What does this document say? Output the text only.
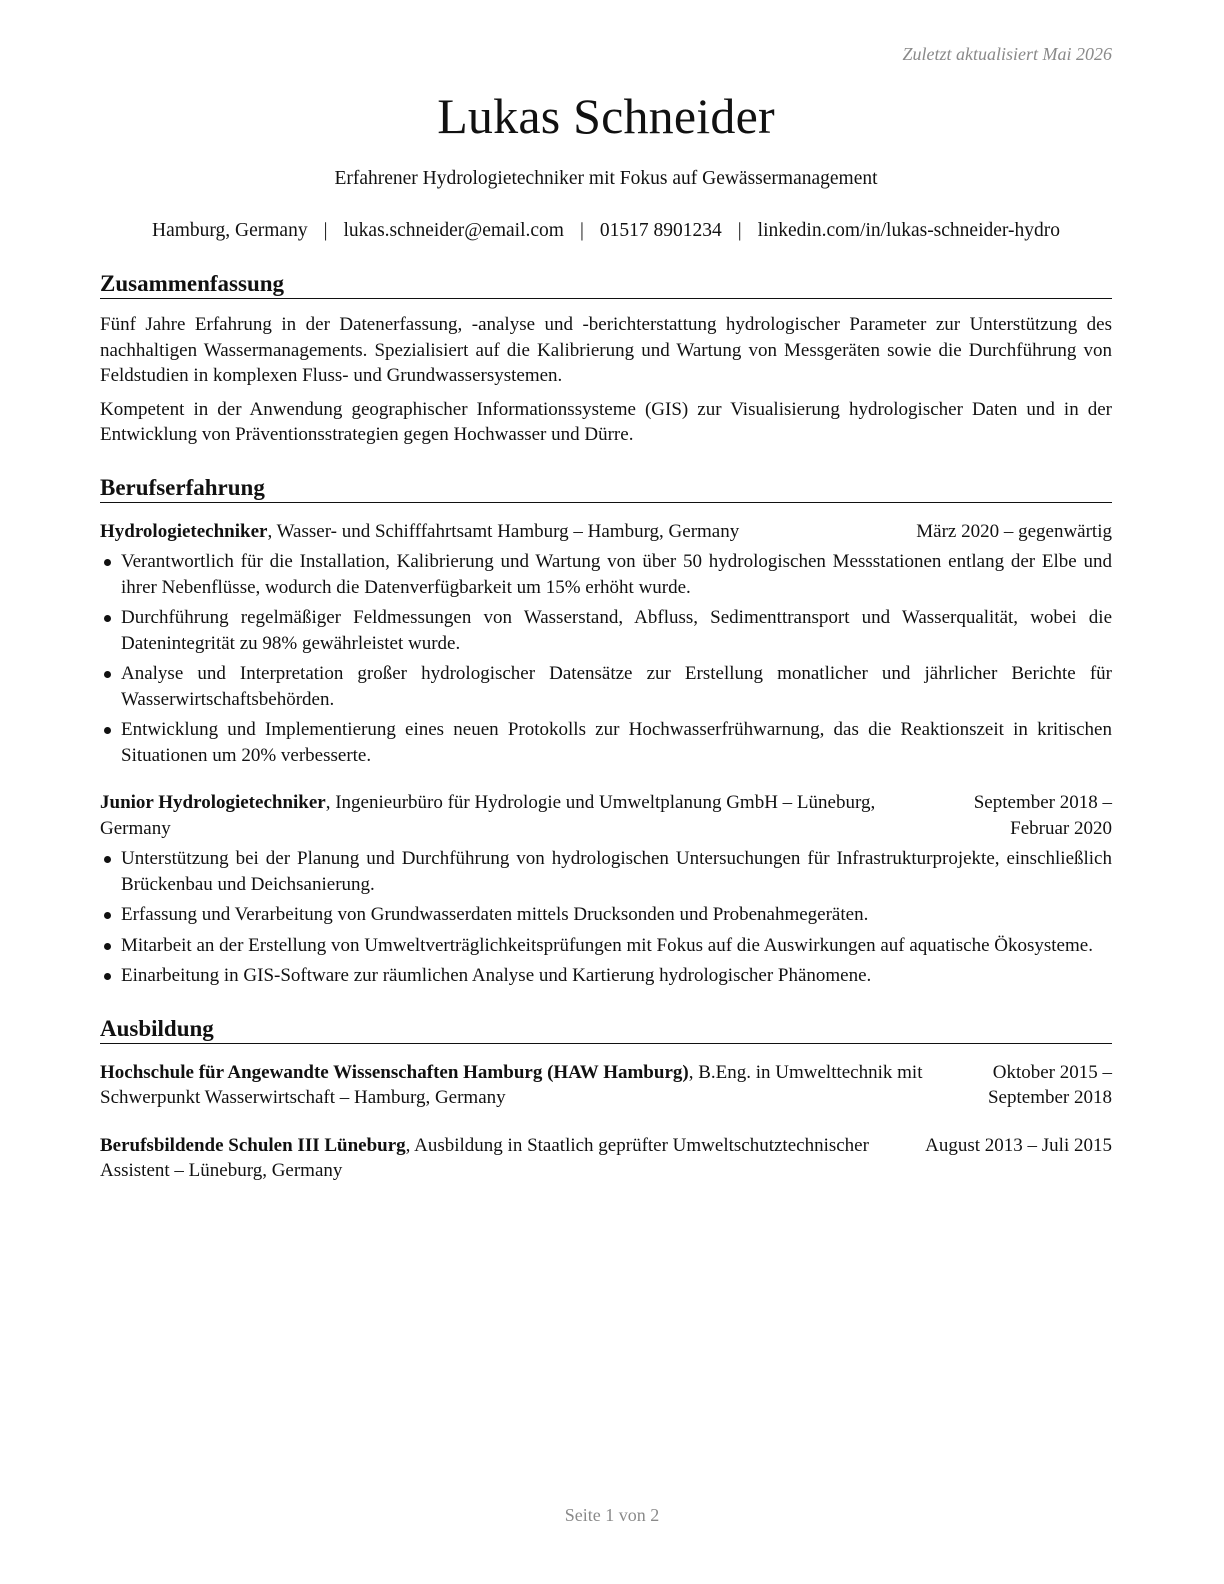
Zuletzt aktualisiert Mai 2026
Lukas Schneider
Erfahrener Hydrologietechniker mit Fokus auf Gewässermanagement
Hamburg, Germany | lukas.schneider@email.com | 01517 8901234 | linkedin.com/in/lukas-schneider-hydro
Zusammenfassung

Fünf Jahre Erfahrung in der Datenerfassung, -analyse und -berichterstattung hydrologischer Parameter zur Unterstützung des nachhaltigen Wassermanagements. Spezialisiert auf die Kalibrierung und Wartung von Messgeräten sowie die Durchführung von Feldstudien in komplexen Fluss- und Grundwassersystemen.

Kompetent in der Anwendung geographischer Informationssysteme (GIS) zur Visualisierung hydrologischer Daten und in der Entwicklung von Präventionsstrategien gegen Hochwasser und Dürre.

Berufserfahrung
Hydrologietechniker, Wasser- und Schifffahrtsamt Hamburg – Hamburg, Germany	März 2020 – gegenwärtig
Verantwortlich für die Installation, Kalibrierung und Wartung von über 50 hydrologischen Messstationen entlang der Elbe und ihrer Nebenflüsse, wodurch die Datenverfügbarkeit um 15% erhöht wurde.
Durchführung regelmäßiger Feldmessungen von Wasserstand, Abfluss, Sedimenttransport und Wasserqualität, wobei die Datenintegrität zu 98% gewährleistet wurde.
Analyse und Interpretation großer hydrologischer Datensätze zur Erstellung monatlicher und jährlicher Berichte für Wasserwirtschaftsbehörden.
Entwicklung und Implementierung eines neuen Protokolls zur Hochwasserfrühwarnung, das die Reaktionszeit in kritischen Situationen um 20% verbesserte.
Junior Hydrologietechniker, Ingenieurbüro für Hydrologie und Umweltplanung GmbH – Lüneburg, Germany
September 2018 – Februar 2020
Unterstützung bei der Planung und Durchführung von hydrologischen Untersuchungen für Infrastrukturprojekte, einschließlich Brückenbau und Deichsanierung.
Erfassung und Verarbeitung von Grundwasserdaten mittels Drucksonden und Probenahmegeräten.
Mitarbeit an der Erstellung von Umweltverträglichkeitsprüfungen mit Fokus auf die Auswirkungen auf aquatische Ökosysteme.
Einarbeitung in GIS-Software zur räumlichen Analyse und Kartierung hydrologischer Phänomene.
Ausbildung
Hochschule für Angewandte Wissenschaften Hamburg (HAW Hamburg), B.Eng. in Umwelttechnik mit Schwerpunkt Wasserwirtschaft – Hamburg, Germany
Oktober 2015 – September 2018
Berufsbildende Schulen III Lüneburg, Ausbildung in Staatlich geprüfter Umweltschutztechnischer Assistent – Lüneburg, Germany
August 2013 – Juli 2015
Seite 1 von 2
